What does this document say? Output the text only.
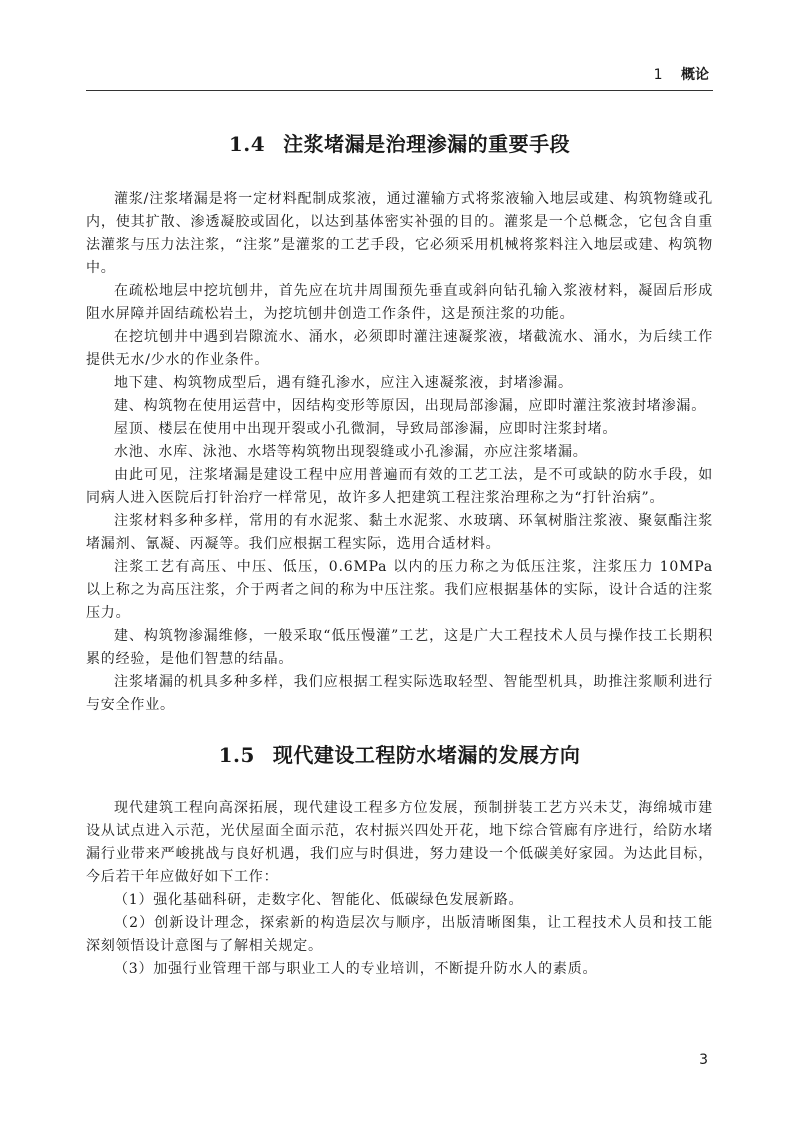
1 概论
1.4 注浆堵漏是治理渗漏的重要手段

灌浆/注浆堵漏是将一定材料配制成浆液，通过灌输方式将浆液输入地层或建、构筑物缝或孔内，使其扩散、渗透凝胶或固化，以达到基体密实补强的目的。灌浆是一个总概念，它包含自重法灌浆与压力法注浆，“注浆”是灌浆的工艺手段，它必须采用机械将浆料注入地层或建、构筑物中。

在疏松地层中挖坑刨井，首先应在坑井周围预先垂直或斜向钻孔输入浆液材料，凝固后形成阻水屏障并固结疏松岩土，为挖坑刨井创造工作条件，这是预注浆的功能。

在挖坑刨井中遇到岩隙流水、涌水，必须即时灌注速凝浆液，堵截流水、涌水，为后续工作提供无水/少水的作业条件。

地下建、构筑物成型后，遇有缝孔渗水，应注入速凝浆液，封堵渗漏。

建、构筑物在使用运营中，因结构变形等原因，出现局部渗漏，应即时灌注浆液封堵渗漏。

屋顶、楼层在使用中出现开裂或小孔微洞，导致局部渗漏，应即时注浆封堵。

水池、水库、泳池、水塔等构筑物出现裂缝或小孔渗漏，亦应注浆堵漏。

由此可见，注浆堵漏是建设工程中应用普遍而有效的工艺工法，是不可或缺的防水手段，如同病人进入医院后打针治疗一样常见，故许多人把建筑工程注浆治理称之为“打针治病”。

注浆材料多种多样，常用的有水泥浆、黏土水泥浆、水玻璃、环氧树脂注浆液、聚氨酯注浆堵漏剂、氰凝、丙凝等。我们应根据工程实际，选用合适材料。

注浆工艺有高压、中压、低压，0.6MPa 以内的压力称之为低压注浆，注浆压力 10MPa 以上称之为高压注浆，介于两者之间的称为中压注浆。我们应根据基体的实际，设计合适的注浆压力。

建、构筑物渗漏维修，一般采取“低压慢灌”工艺，这是广大工程技术人员与操作技工长期积累的经验，是他们智慧的结晶。

注浆堵漏的机具多种多样，我们应根据工程实际选取轻型、智能型机具，助推注浆顺利进行与安全作业。

1.5 现代建设工程防水堵漏的发展方向

现代建筑工程向高深拓展，现代建设工程多方位发展，预制拼装工艺方兴未艾，海绵城市建设从试点进入示范，光伏屋面全面示范，农村振兴四处开花，地下综合管廊有序进行，给防水堵漏行业带来严峻挑战与良好机遇，我们应与时俱进，努力建设一个低碳美好家园。为达此目标，今后若干年应做好如下工作：

（1）强化基础科研，走数字化、智能化、低碳绿色发展新路。

（2）创新设计理念，探索新的构造层次与顺序，出版清晰图集，让工程技术人员和技工能深刻领悟设计意图与了解相关规定。

（3）加强行业管理干部与职业工人的专业培训，不断提升防水人的素质。

3
